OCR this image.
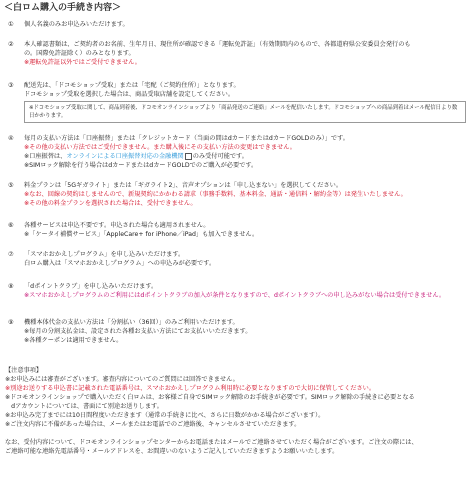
＜白ロム購入の手続き内容＞
①	個人名義のみお申込みいただけます。
②	本人確認書類は、ご契約者のお名前、生年月日、現住所が確認できる「運転免許証」（有効期間内のもので、各都道府県公安委員会発行のも
の。国際免許証除く）のみとなります。
※運転免許証以外ではご受付できません。
③	配送先は、「ドコモショップ受取」または「宅配（ご契約住所）」となります。
ドコモショップ受取を選択した場合は、商品受取店舗を設定してください。
※ドコモショップ受取に関して、商品到着後、ドコモオンラインショップより「商品発送のご連絡」メールを配信いたします。ドコモショップへの商品到着はメール配信日より数日かかります。
④	毎月の支払い方法は「口座振替」または「クレジットカード（当面の間はdカードまたはdカードGOLDのみ）」です。
※その他の支払い方法ではご受付できません。また購入後にその支払い方法の変更はできません。
※口座振替は、オンラインによる口座振替対応の金融機関 のみ受付可能です。
※SIMロック解除を行う場合はdカードまたはdカードGOLDでのご購入が必要です。
⑤	料金プランは「5Gギガライト」または「ギガライト2」、音声オプションは「申し込まない」を選択してください。
※なお、回線の契約はしませんので、新規契約にかかわる請求（事務手数料、基本料金、通話・通信料・解約金等）は発生いたしません。
※その他の料金プランを選択された場合は、受付できません。
⑥	各種サービスは申込不要です。申込された場合も適用されません。
※「ケータイ補償サービス」「AppleCare+ for iPhone／iPad」も加入できません。
⑦	「スマホおかえしプログラム」を申し込みいただけます。
白ロム購入は「スマホおかえしプログラム」への申込みが必要です。
⑧	「dポイントクラブ」を申し込みいただけます。
※スマホおかえしプログラムのご利用にはdポイントクラブの加入が条件となりますので、dポイントクラブへの申し込みがない場合は受付できません。
⑨	機種本体代金の支払い方法は「分割払い（36回）」のみご利用いただけます。
※毎月の分割支払金は、設定された各種お支払い方法にてお支払いいただきます。
※各種クーポンは適用できません。
【注意事項】
※お申込みには審査がございます。審査内容についてのご質問には回答できません。
※別途お送りする申込書に記載された電話番号は、スマホおかえしプログラム利用時に必要となりますので大切に保管してください。
※ドコモオンラインショップで購入いただく白ロムは、お客様ご自身でSIMロック解除のお手続きが必要です。SIMロック解除の手続きに必要となる
　dアカウントについては、書面にて別途お送りします。
※お申込み完了までには10日間程度いただきます（通常の手続きに比べ、さらに日数がかかる場合がございます）。
※ご注文内容に不備があった場合は、メールまたはお電話でのご連絡後、キャンセルさせていただきます。
なお、受付内容について、ドコモオンラインショップセンターからお電話またはメールでご連絡させていただく場合がございます。ご注文の際には、
ご連絡可能な連絡先電話番号・メールアドレスを、お間違いのないようご記入していただきますようお願いいたします。
